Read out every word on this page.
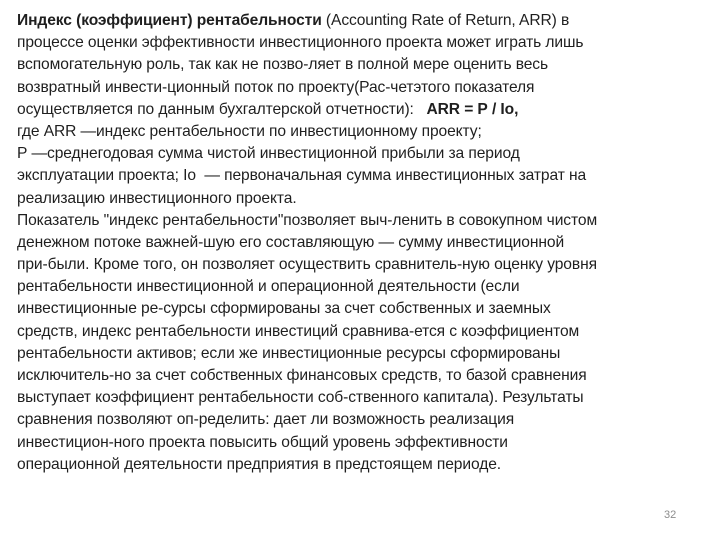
Индекс (коэффициент) рентабельности (Accounting Rate of Return, ARR) в
процессе оценки эффективности инвестиционного проекта может играть лишь
вспомогательную роль, так как не позво-ляет в полной мере оценить весь
возвратный инвести-ционный поток по проекту(Рас-четэтого показателя
осуществляется по данным бухгалтерской отчетности):   ARR = Р / Io,
где ARR —индекс рентабельности по инвестиционному проекту;
Р —среднегодовая сумма чистой инвестиционной прибыли за период
эксплуатации проекта; Io  — первоначальная сумма инвестиционных затрат на
реализацию инвестиционного проекта.
Показатель "индекс рентабельности"позволяет выч-ленить в совокупном чистом
денежном потоке важней-шую его составляющую — сумму инвестиционной
при-были. Кроме того, он позволяет осуществить сравнитель-ную оценку уровня
рентабельности инвестиционной и операционной деятельности (если
инвестиционные ре-сурсы сформированы за счет собственных и заемных
средств, индекс рентабельности инвестиций сравнива-ется с коэффициентом
рентабельности активов; если же инвестиционные ресурсы сформированы
исключитель-но за счет собственных финансовых средств, то базой сравнения
выступает коэффициент рентабельности соб-ственного капитала). Результаты
сравнения позволяют оп-ределить: дает ли возможность реализация
инвестицион-ного проекта повысить общий уровень эффективности
операционной деятельности предприятия в предстоящем периоде.
32
